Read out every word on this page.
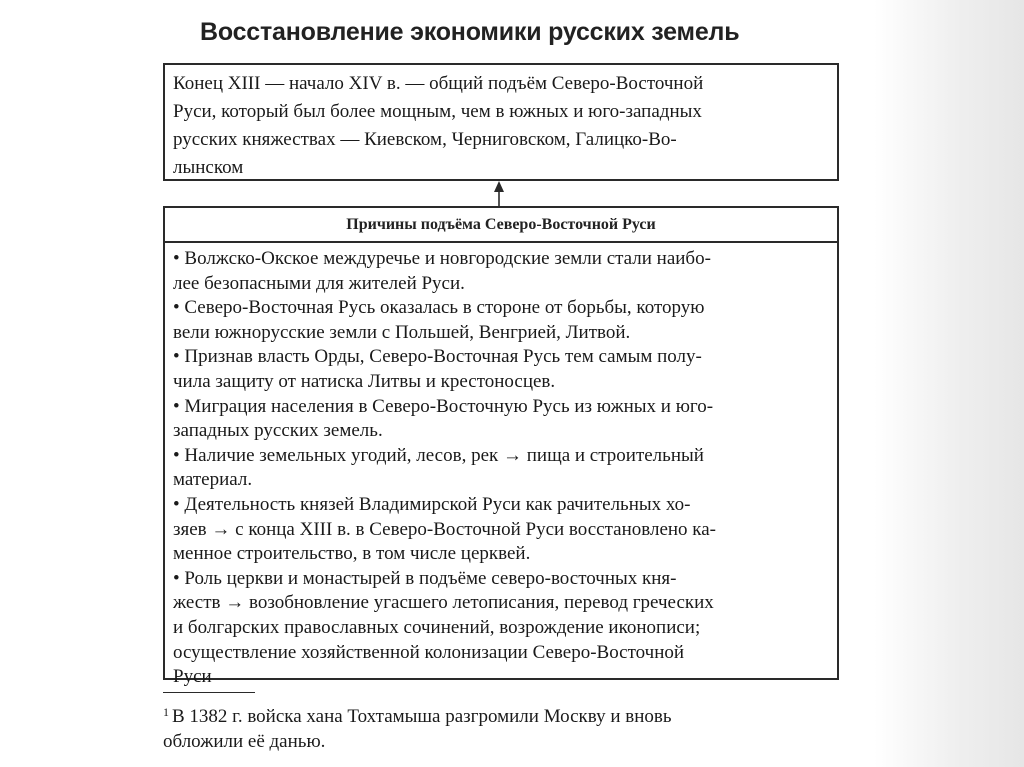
Восстановление экономики русских земель
Конец XIII — начало XIV в. — общий подъём Северо-Восточной
Руси, который был более мощным, чем в южных и юго-западных
русских княжествах — Киевском, Черниговском, Галицко-Во-
лынском
Причины подъёма Северо-Восточной Руси
• Волжско-Окское междуречье и новгородские земли стали наибо-
лее безопасными для жителей Руси.
• Северо-Восточная Русь оказалась в стороне от борьбы, которую
вели южнорусские земли с Польшей, Венгрией, Литвой.
• Признав власть Орды, Северо-Восточная Русь тем самым полу-
чила защиту от натиска Литвы и крестоносцев.
• Миграция населения в Северо-Восточную Русь из южных и юго-
западных русских земель.
• Наличие земельных угодий, лесов, рек → пища и строительный
материал.
• Деятельность князей Владимирской Руси как рачительных хо-
зяев → с конца XIII в. в Северо-Восточной Руси восстановлено ка-
менное строительство, в том числе церквей.
• Роль церкви и монастырей в подъёме северо-восточных кня-
жеств → возобновление угасшего летописания, перевод греческих
и болгарских православных сочинений, возрождение иконописи;
осуществление хозяйственной колонизации Северо-Восточной
Руси
$^1$ В 1382 г. войска хана Тохтамыша разгромили Москву и вновь
обложили её данью.
